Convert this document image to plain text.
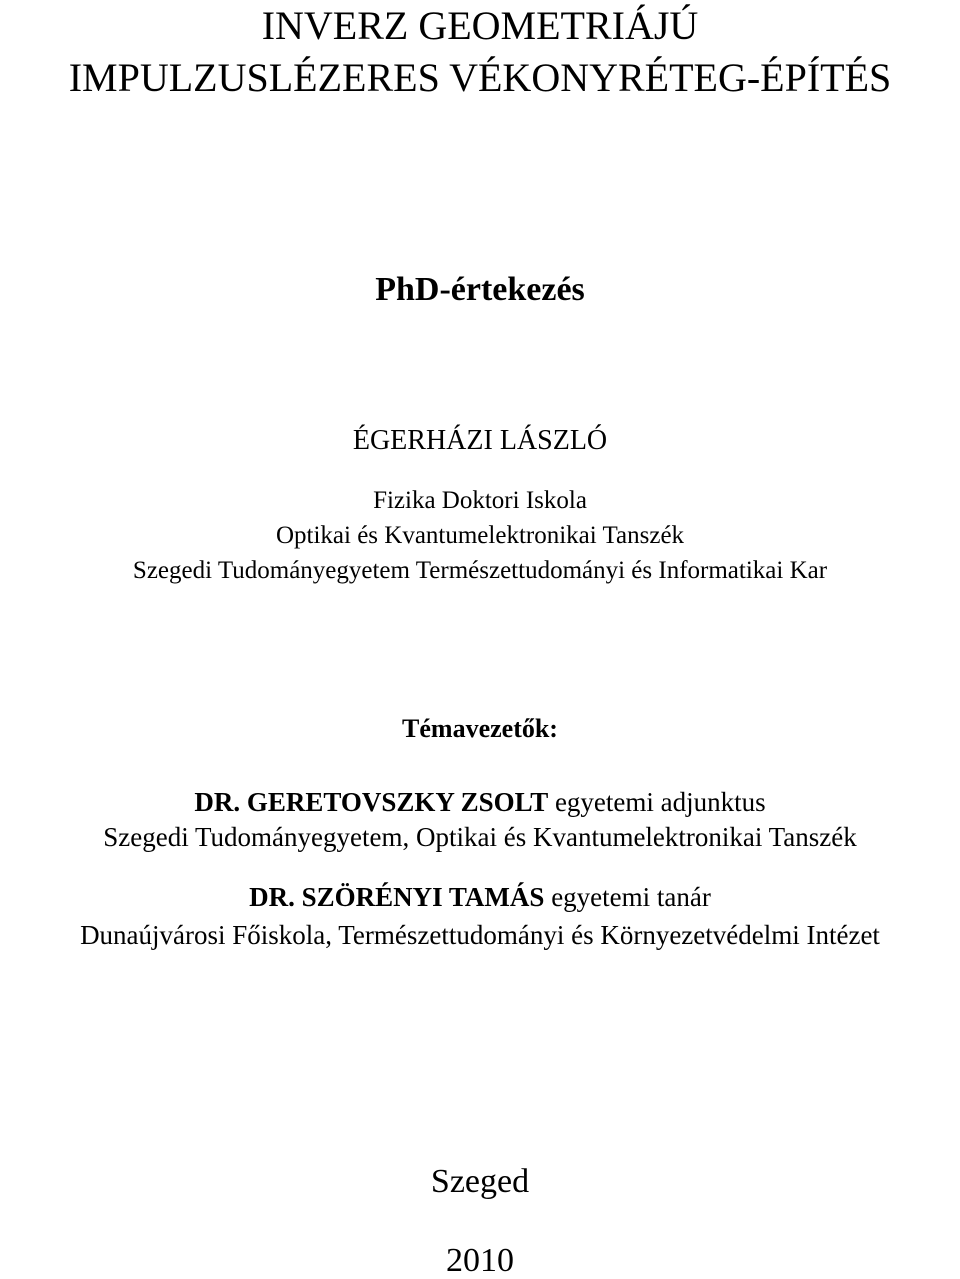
INVERZ GEOMETRIÁJÚ
IMPULZUSLÉZERES VÉKONYRÉTEG-ÉPÍTÉS
PhD-értekezés
ÉGERHÁZI LÁSZLÓ
Fizika Doktori Iskola
Optikai és Kvantumelektronikai Tanszék
Szegedi Tudományegyetem Természettudományi és Informatikai Kar
Témavezetők:
DR. GERETOVSZKY ZSOLT egyetemi adjunktus
Szegedi Tudományegyetem, Optikai és Kvantumelektronikai Tanszék
DR. SZÖRÉNYI TAMÁS egyetemi tanár
Dunaújvárosi Főiskola, Természettudományi és Környezetvédelmi Intézet
Szeged
2010
